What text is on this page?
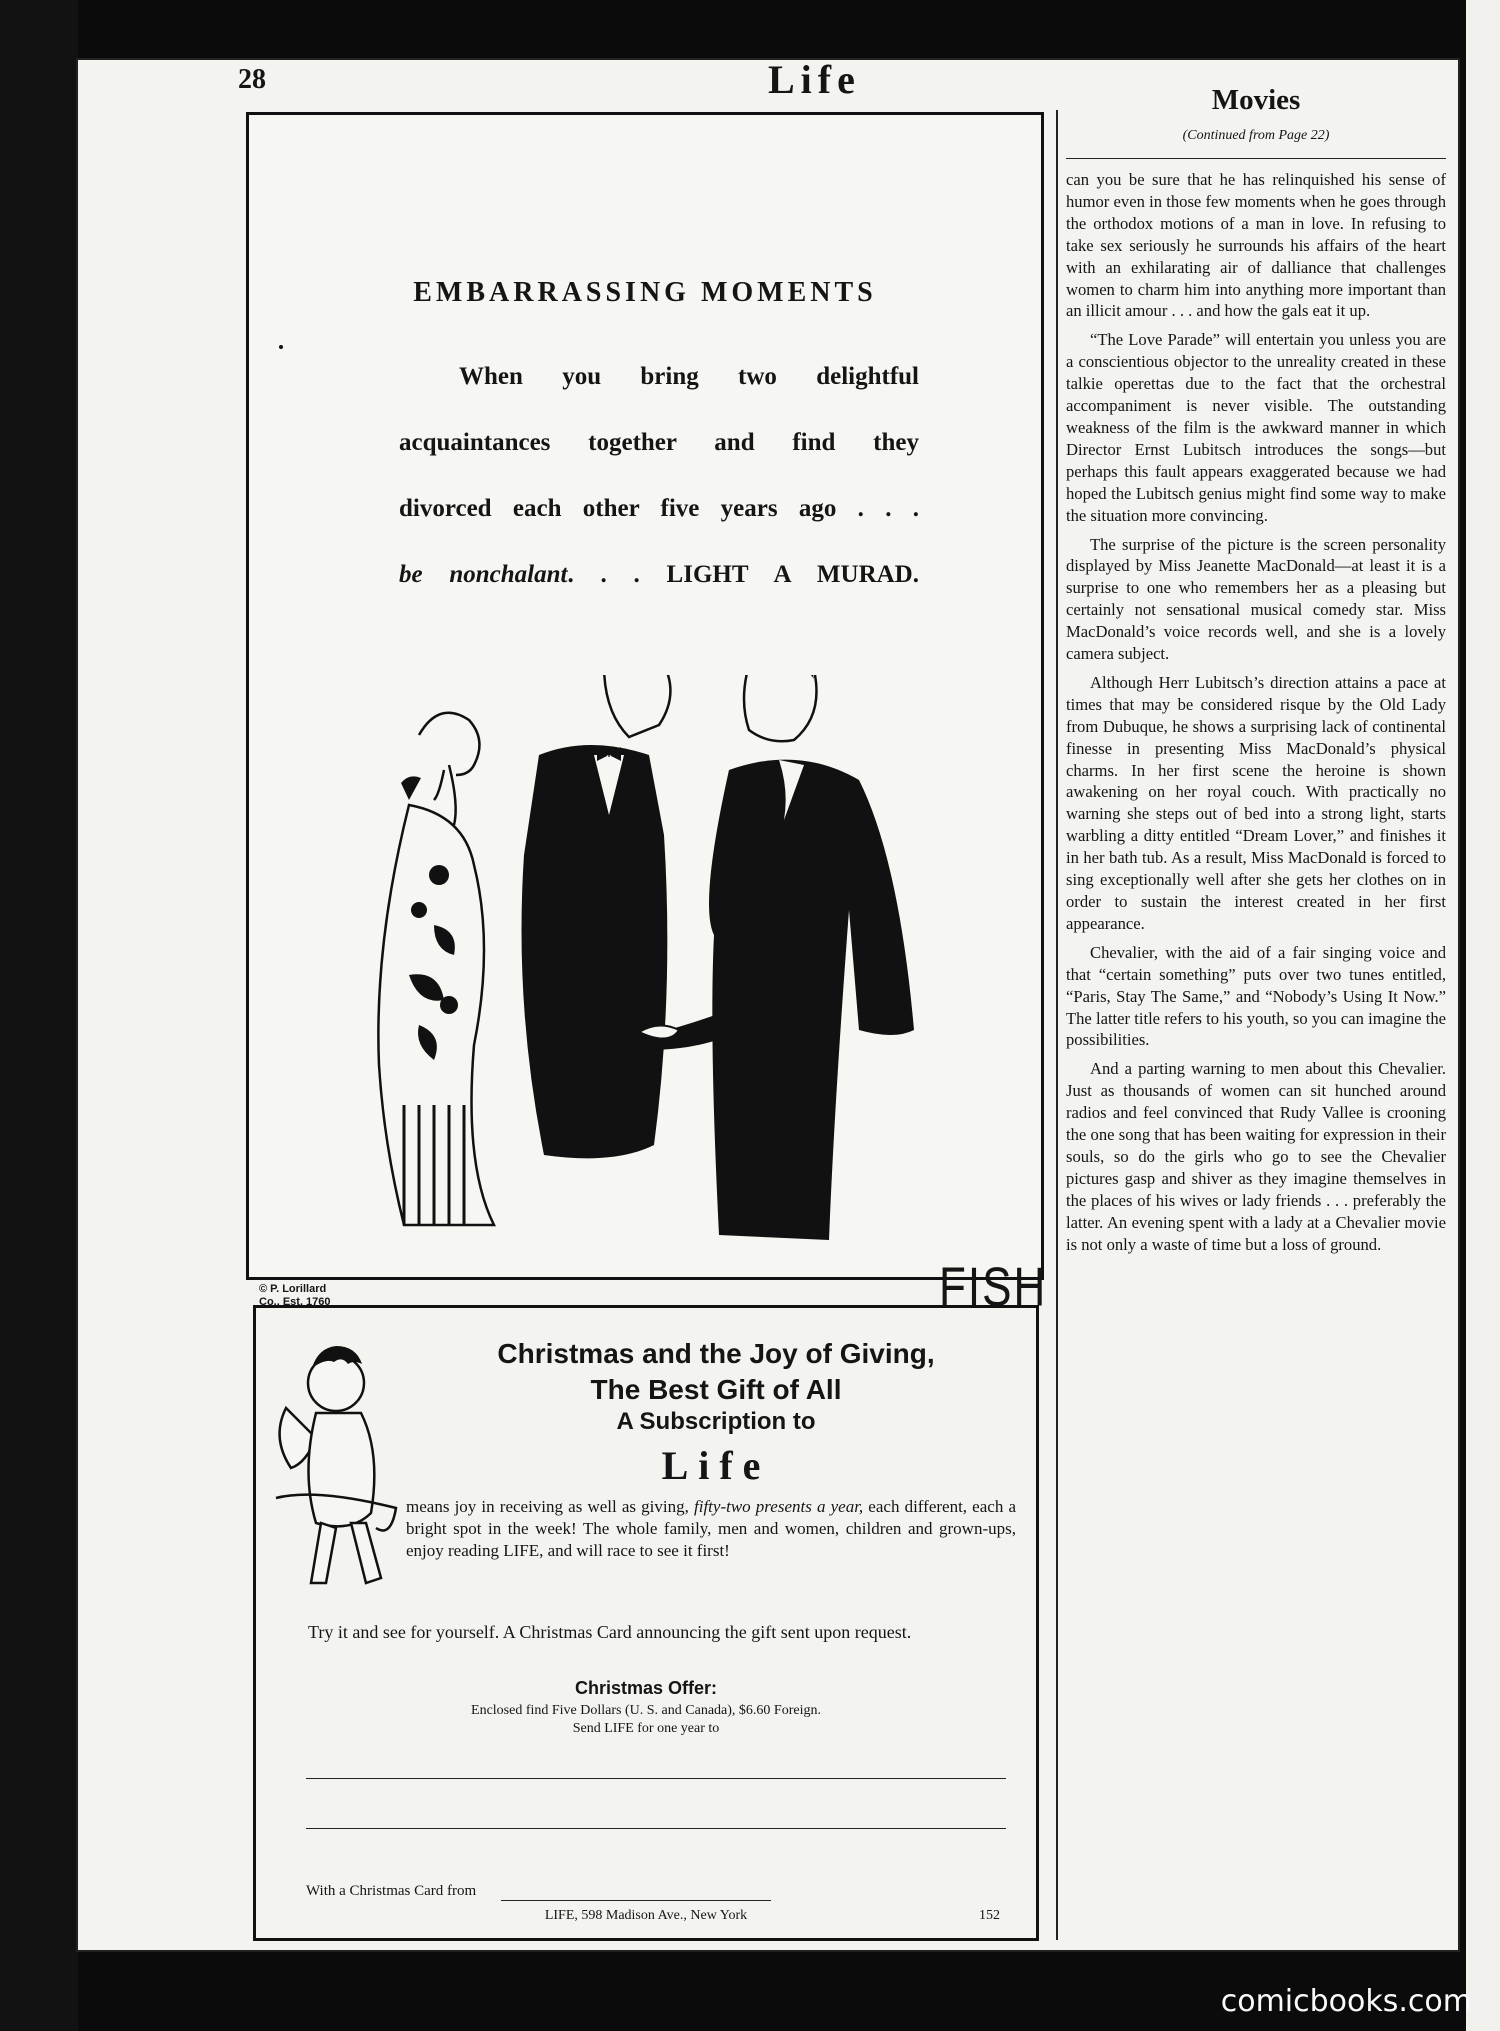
28	Life
EMBARRASSING MOMENTS
When you bring two delightful
acquaintances together and find they
divorced each other five years ago . . .
be nonchalant. . . LIGHT A MURAD.
© P. Lorillard
Co., Est. 1760	FISH
Christmas and the Joy of Giving,
The Best Gift of All
A Subscription to
Life
means joy in receiving as well as giving, fifty-two presents a year, each different, each a bright spot in the week! The whole family, men and women, children and grown-ups, enjoy reading LIFE, and will race to see it first!
Try it and see for yourself. A Christmas Card announcing the gift sent upon request.
Christmas Offer:
Enclosed find Five Dollars (U. S. and Canada), $6.60 Foreign.
Send LIFE for one year to
With a Christmas Card from
LIFE, 598 Madison Ave., New York	152
Movies
(Continued from Page 22)

can you be sure that he has relinquished his sense of humor even in those few moments when he goes through the orthodox motions of a man in love. In refusing to take sex seriously he surrounds his affairs of the heart with an exhilarating air of dalliance that challenges women to charm him into anything more important than an illicit amour . . . and how the gals eat it up.

“The Love Parade” will entertain you unless you are a conscientious objector to the unreality created in these talkie operettas due to the fact that the orchestral accompaniment is never visible. The outstanding weakness of the film is the awkward manner in which Director Ernst Lubitsch introduces the songs—but perhaps this fault appears exaggerated because we had hoped the Lubitsch genius might find some way to make the situation more convincing.

The surprise of the picture is the screen personality displayed by Miss Jeanette MacDonald—at least it is a surprise to one who remembers her as a pleasing but certainly not sensational musical comedy star. Miss MacDonald’s voice records well, and she is a lovely camera subject.

Although Herr Lubitsch’s direction attains a pace at times that may be considered risque by the Old Lady from Dubuque, he shows a surprising lack of continental finesse in presenting Miss MacDonald’s physical charms. In her first scene the heroine is shown awakening on her royal couch. With practically no warning she steps out of bed into a strong light, starts warbling a ditty entitled “Dream Lover,” and finishes it in her bath tub. As a result, Miss MacDonald is forced to sing exceptionally well after she gets her clothes on in order to sustain the interest created in her first appearance.

Chevalier, with the aid of a fair singing voice and that “certain something” puts over two tunes entitled, “Paris, Stay The Same,” and “Nobody’s Using It Now.” The latter title refers to his youth, so you can imagine the possibilities.

And a parting warning to men about this Chevalier. Just as thousands of women can sit hunched around radios and feel convinced that Rudy Vallee is crooning the one song that has been waiting for expression in their souls, so do the girls who go to see the Chevalier pictures gasp and shiver as they imagine themselves in the places of his wives or lady friends . . . preferably the latter. An evening spent with a lady at a Chevalier movie is not only a waste of time but a loss of ground.

comicbooks.com
